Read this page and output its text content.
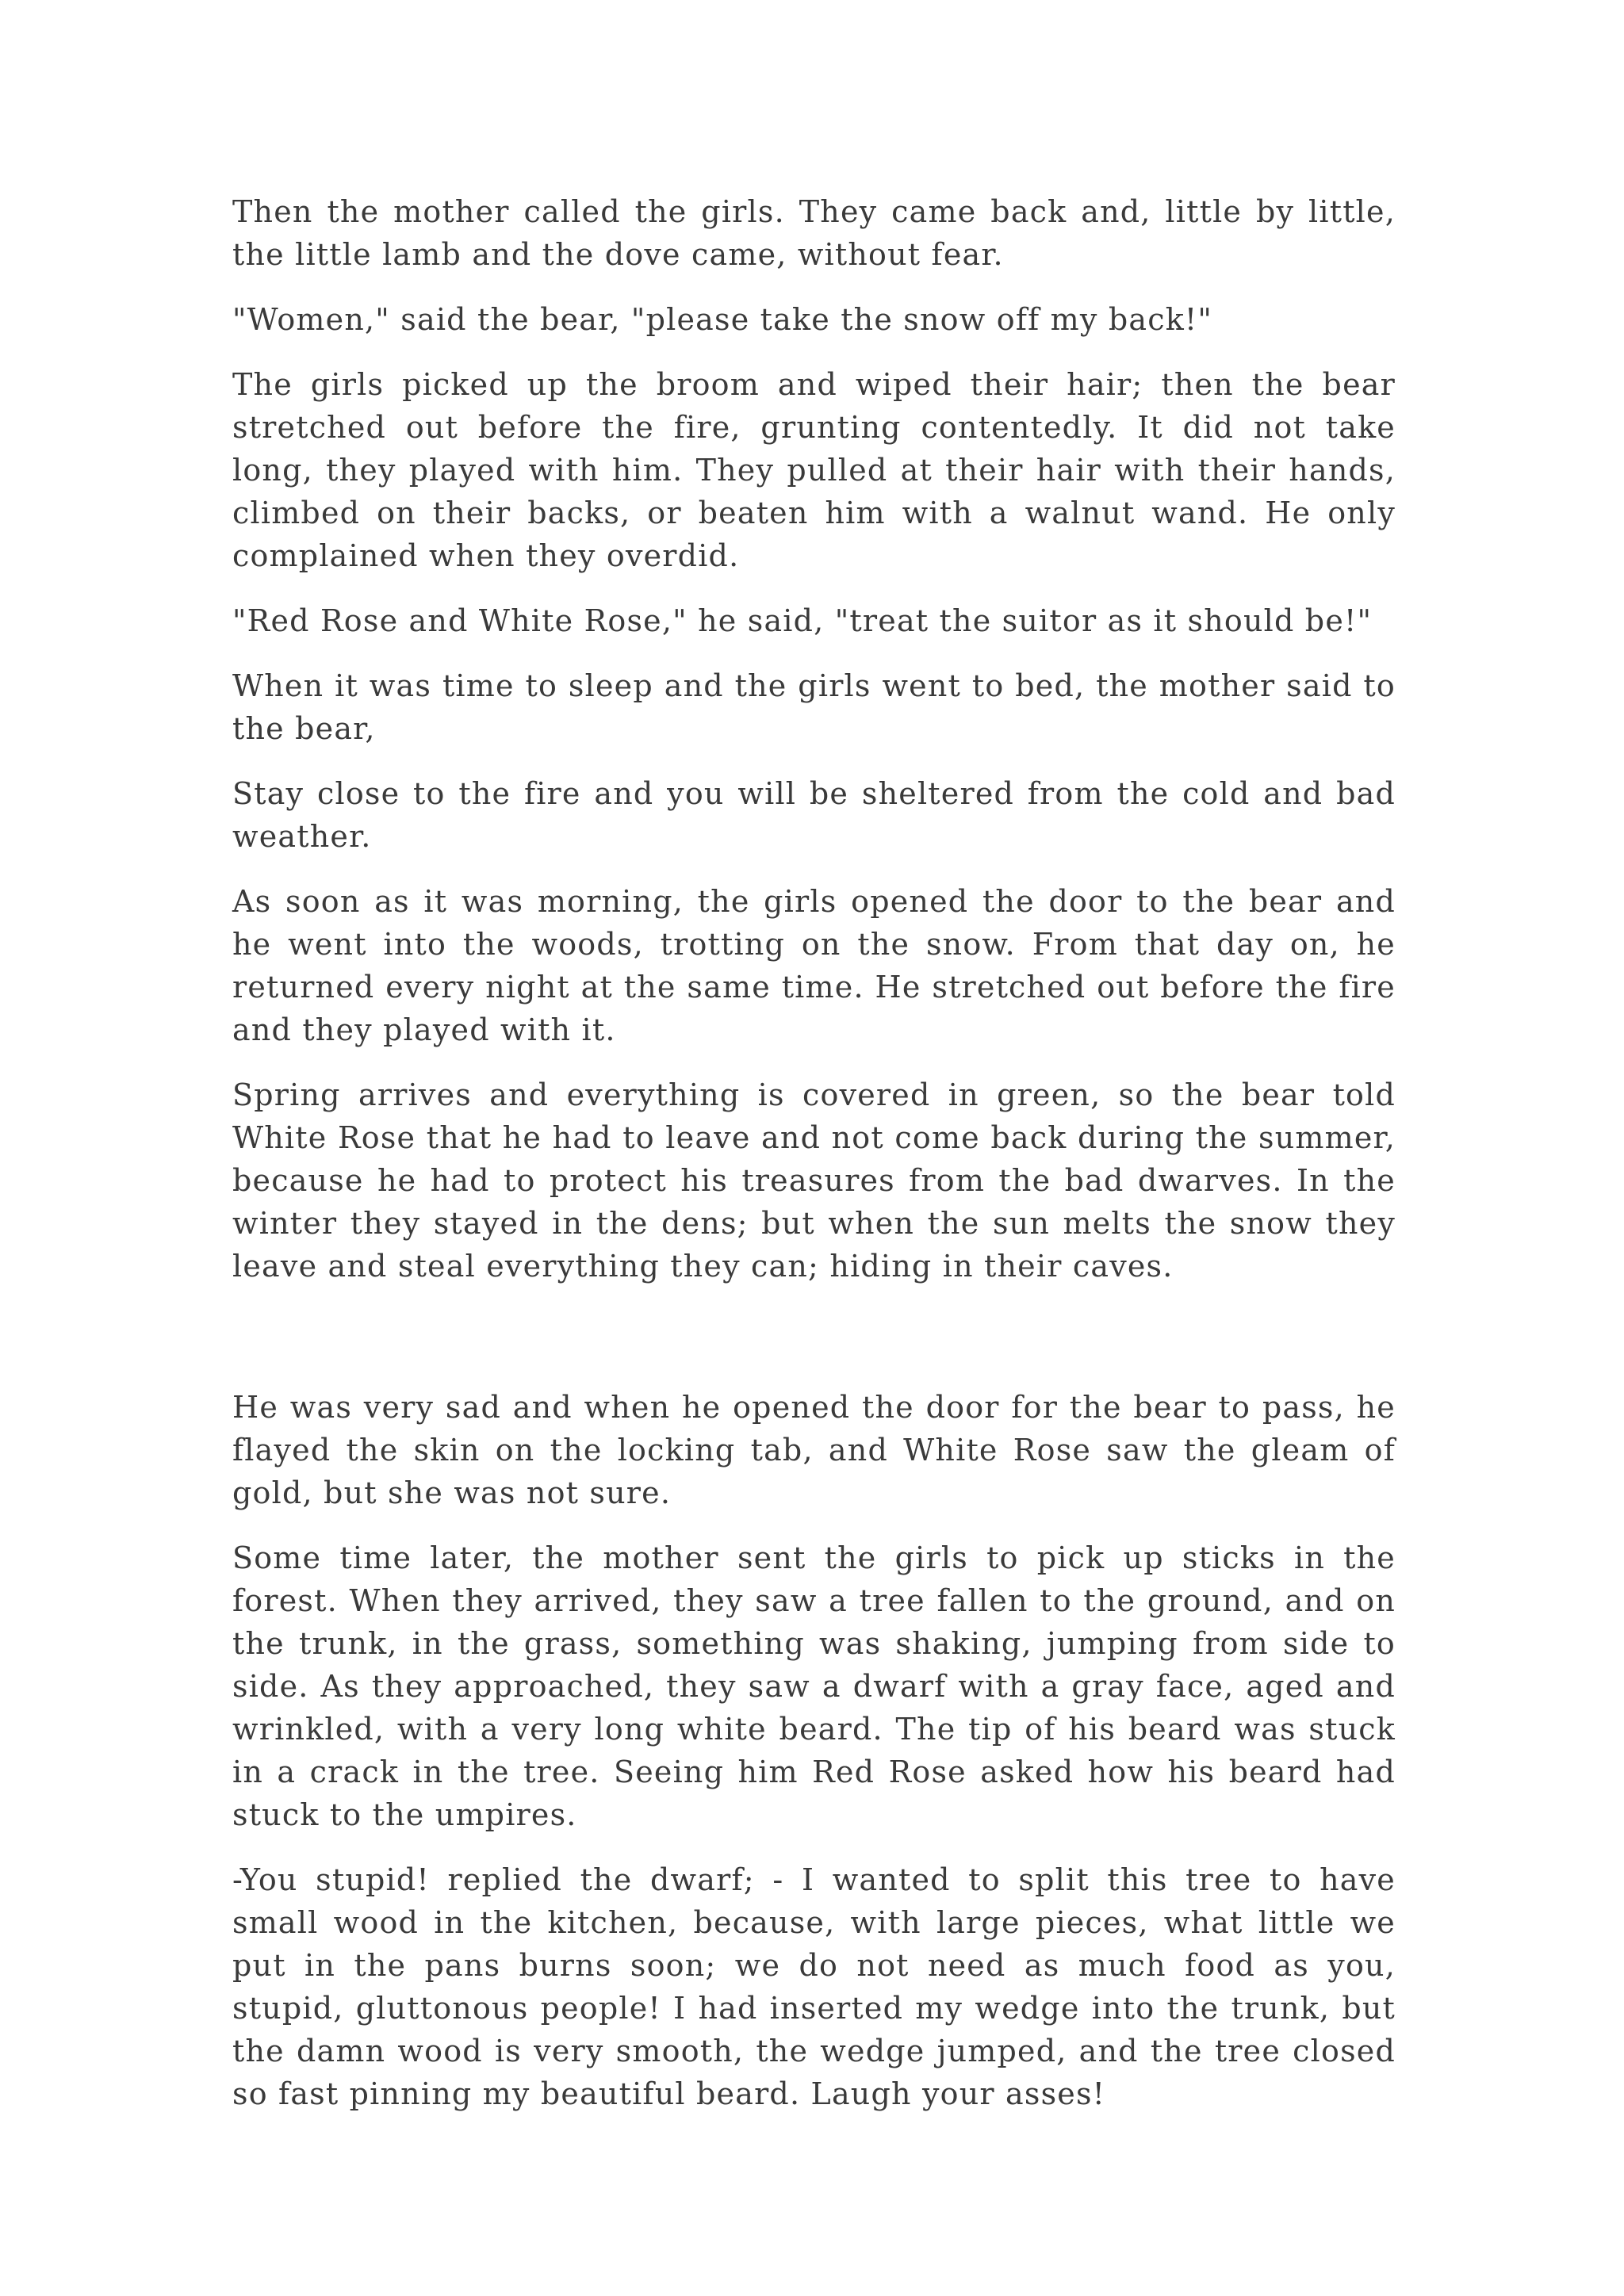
Then the mother called the girls. They came back and, little by little, the little lamb and the dove came, without fear.

"Women," said the bear, "please take the snow off my back!"

The girls picked up the broom and wiped their hair; then the bear stretched out before the fire, grunting contentedly. It did not take long, they played with him. They pulled at their hair with their hands, climbed on their backs, or beaten him with a walnut wand. He only complained when they overdid.

"Red Rose and White Rose," he said, "treat the suitor as it should be!"

When it was time to sleep and the girls went to bed, the mother said to the bear,

Stay close to the fire and you will be sheltered from the cold and bad weather.

As soon as it was morning, the girls opened the door to the bear and he went into the woods, trotting on the snow. From that day on, he returned every night at the same time. He stretched out before the fire and they played with it.

Spring arrives and everything is covered in green, so the bear told White Rose that he had to leave and not come back during the summer, because he had to protect his treasures from the bad dwarves. In the winter they stayed in the dens; but when the sun melts the snow they leave and steal everything they can; hiding in their caves.

He was very sad and when he opened the door for the bear to pass, he flayed the skin on the locking tab, and White Rose saw the gleam of gold, but she was not sure.

Some time later, the mother sent the girls to pick up sticks in the forest. When they arrived, they saw a tree fallen to the ground, and on the trunk, in the grass, something was shaking, jumping from side to side. As they approached, they saw a dwarf with a gray face, aged and wrinkled, with a very long white beard. The tip of his beard was stuck in a crack in the tree. Seeing him Red Rose asked how his beard had stuck to the umpires.

-You stupid! replied the dwarf; - I wanted to split this tree to have small wood in the kitchen, because, with large pieces, what little we put in the pans burns soon; we do not need as much food as you, stupid, gluttonous people! I had inserted my wedge into the trunk, but the damn wood is very smooth, the wedge jumped, and the tree closed so fast pinning my beautiful beard. Laugh your asses!
